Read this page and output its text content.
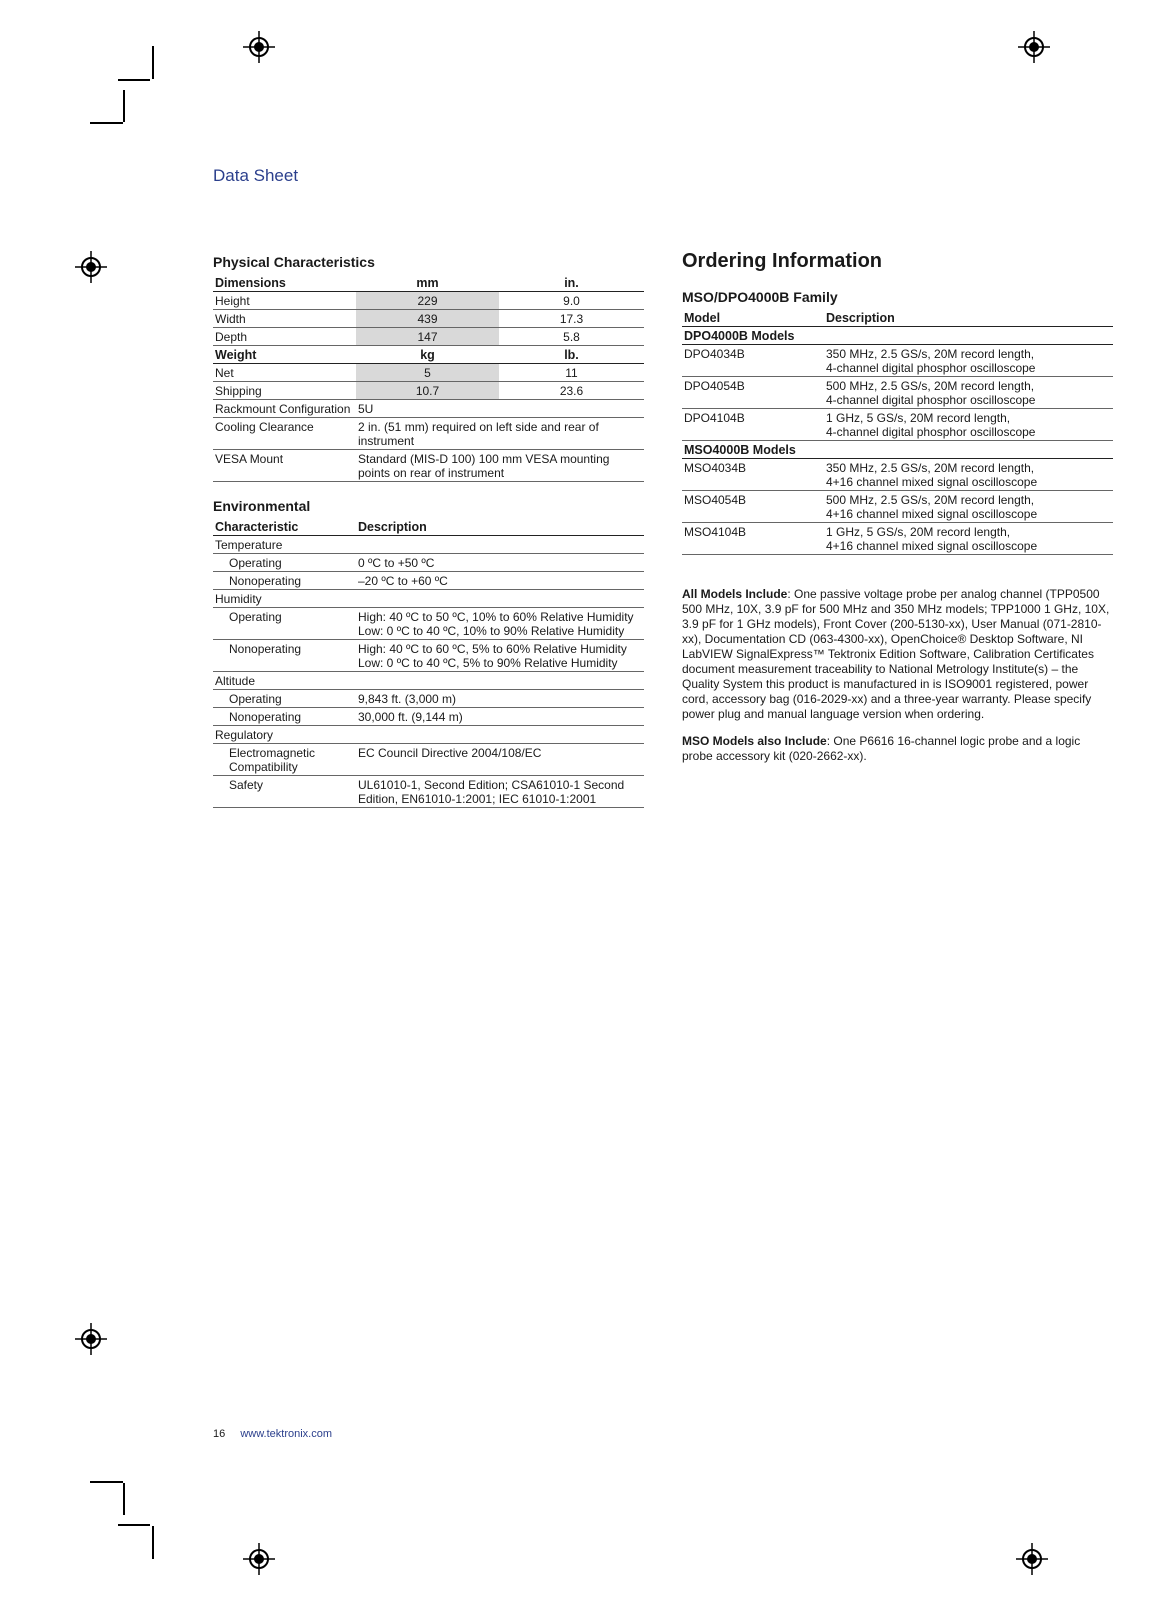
Data Sheet
Physical Characteristics
Dimensions	mm	in.
Height	229	9.0
Width	439	17.3
Depth	147	5.8
Weight	kg	lb.
Net	5	11
Shipping	10.7	23.6
Rackmount Configuration	5U	
Cooling Clearance	2 in. (51 mm) required on left side and rear of instrument	
VESA Mount	Standard (MIS-D 100) 100 mm VESA mounting points on rear of instrument	
Environmental
Characteristic	Description
Temperature	
Operating	0 ºC to +50 ºC
Nonoperating	–20 ºC to +60 ºC
Humidity	
Operating	High: 40 ºC to 50 ºC, 10% to 60% Relative Humidity
Low: 0 ºC to 40 ºC, 10% to 90% Relative Humidity

Nonoperating	High: 40 ºC to 60 ºC, 5% to 60% Relative Humidity
Low: 0 ºC to 40 ºC, 5% to 90% Relative Humidity

Altitude	
Operating	9,843 ft. (3,000 m)
Nonoperating	30,000 ft. (9,144 m)
Regulatory	
Electromagnetic Compatibility	EC Council Directive 2004/108/EC
Safety	UL61010-1, Second Edition; CSA61010-1 Second Edition, EN61010-1:2001; IEC 61010-1:2001
Ordering Information
MSO/DPO4000B Family
Model	Description
DPO4000B Models	
DPO4034B	350 MHz, 2.5 GS/s, 20M record length,
4-channel digital phosphor oscilloscope

DPO4054B	500 MHz, 2.5 GS/s, 20M record length,
4-channel digital phosphor oscilloscope

DPO4104B	1 GHz, 5 GS/s, 20M record length,
4-channel digital phosphor oscilloscope

MSO4000B Models	
MSO4034B	350 MHz, 2.5 GS/s, 20M record length,
4+16 channel mixed signal oscilloscope

MSO4054B	500 MHz, 2.5 GS/s, 20M record length,
4+16 channel mixed signal oscilloscope

MSO4104B	1 GHz, 5 GS/s, 20M record length,
4+16 channel mixed signal oscilloscope

All Models Include: One passive voltage probe per analog channel (TPP0500 500 MHz, 10X, 3.9 pF for 500 MHz and 350 MHz models; TPP1000 1 GHz, 10X, 3.9 pF for 1 GHz models), Front Cover (200-5130-xx), User Manual (071-2810-xx), Documentation CD (063-4300-xx), OpenChoice® Desktop Software, NI LabVIEW SignalExpress™ Tektronix Edition Software, Calibration Certificates document measurement traceability to National Metrology Institute(s) – the Quality System this product is manufactured in is ISO9001 registered, power cord, accessory bag (016-2029-xx) and a three-year warranty. Please specify power plug and manual language version when ordering.

MSO Models also Include: One P6616 16-channel logic probe and a logic probe accessory kit (020-2662-xx).

16 www.tektronix.com
